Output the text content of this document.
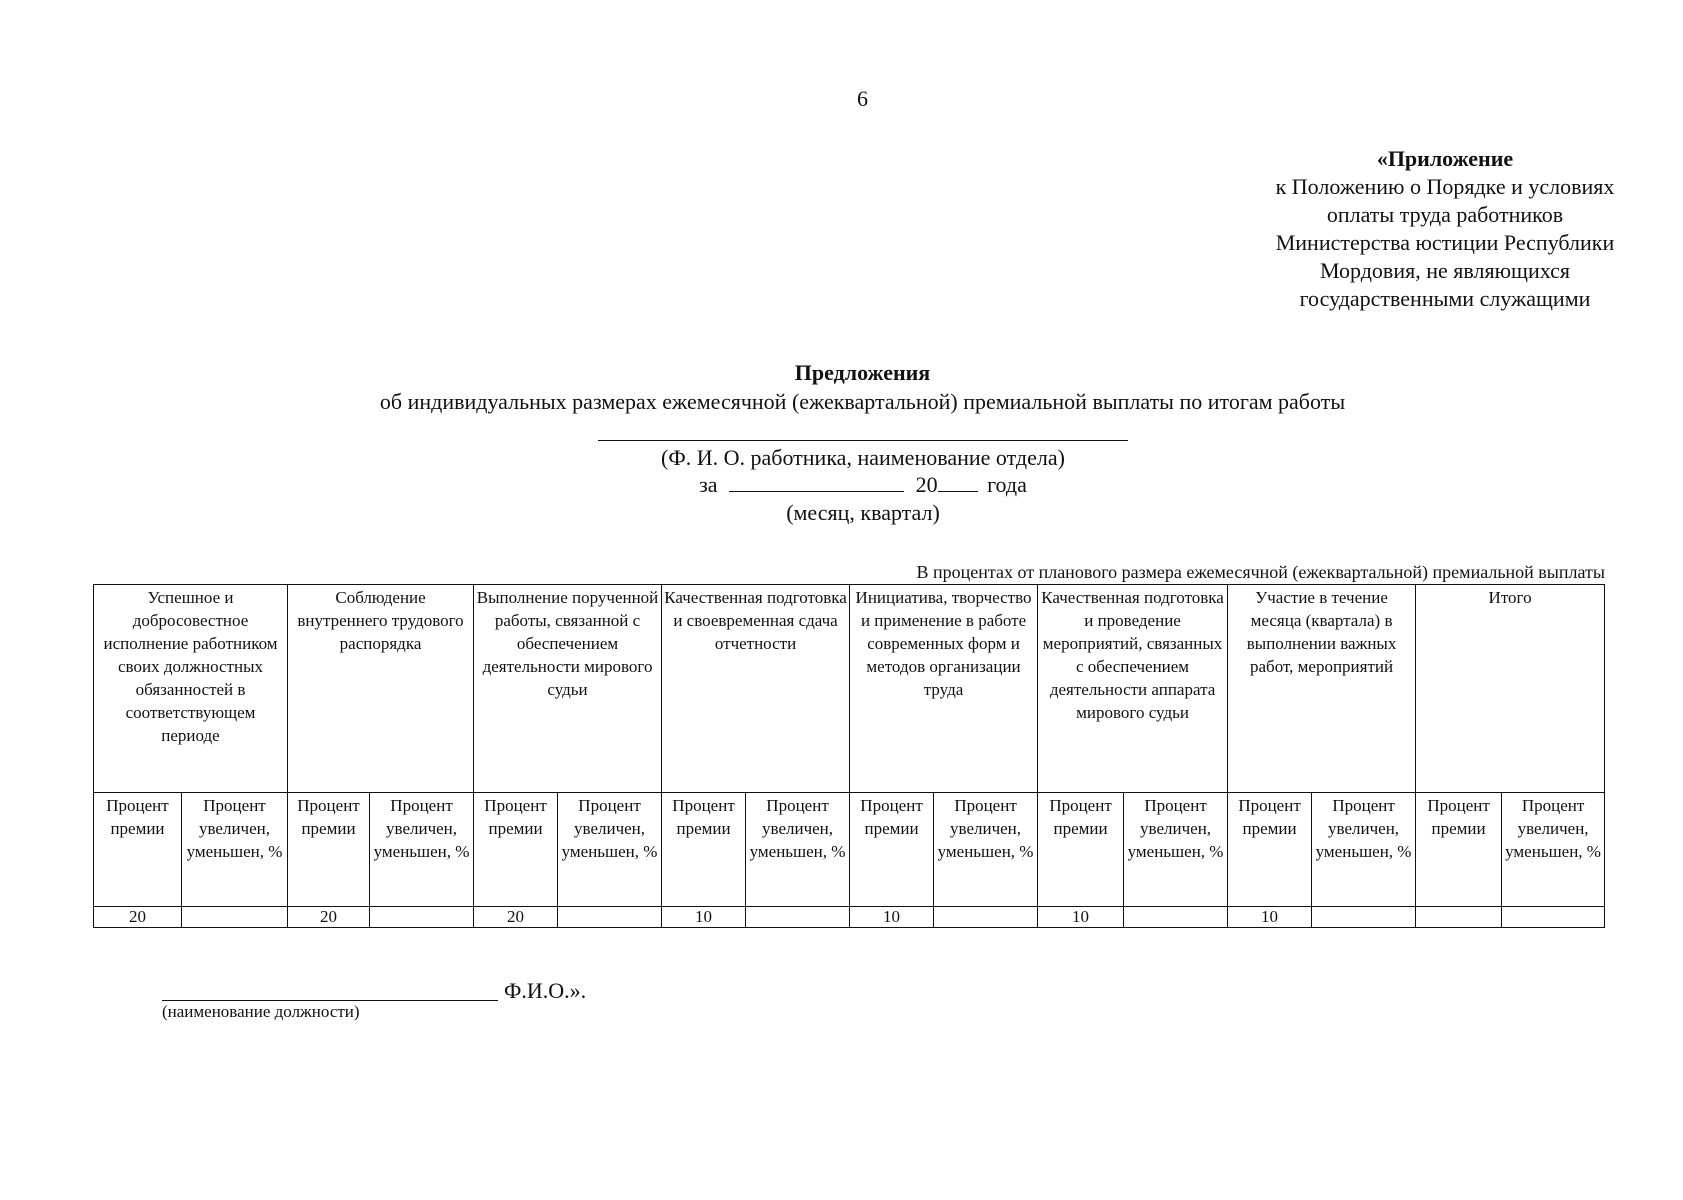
6
«Приложение
к Положению о Порядке и условиях
оплаты труда работников
Министерства юстиции Республики
Мордовия, не являющихся
государственными служащими
Предложения
об индивидуальных размерах ежемесячной (ежеквартальной) премиальной выплаты по итогам работы
(Ф. И. О. работника, наименование отдела)
за	20 года
(месяц, квартал)
В процентах от планового размера ежемесячной (ежеквартальной) премиальной выплаты
Успешное и добросовестное исполнение работником своих должностных обязанностей в соответствующем периоде		Соблюдение внутреннего трудового распорядка		Выполнение порученной работы, связанной с обеспечением деятельности мирового судьи		Качественная подготовка и своевременная сдача отчетности		Инициатива, творчество и применение в работе современных форм и методов организации труда		Качественная подготовка и проведение мероприятий, связанных с обеспечением деятельности аппарата мирового судьи		Участие в течение месяца (квартала) в выполнении важных работ, мероприятий		Итого	
Процент премии	Процент увеличен, уменьшен, %	Процент премии	Процент увеличен, уменьшен, %	Процент премии	Процент увеличен, уменьшен, %	Процент премии	Процент увеличен, уменьшен, %	Процент премии	Процент увеличен, уменьшен, %	Процент премии	Процент увеличен, уменьшен, %	Процент премии	Процент увеличен, уменьшен, %	Процент премии	Процент увеличен, уменьшен, %
20		20		20		10		10		10		10			
Ф.И.О.».
(наименование должности)
